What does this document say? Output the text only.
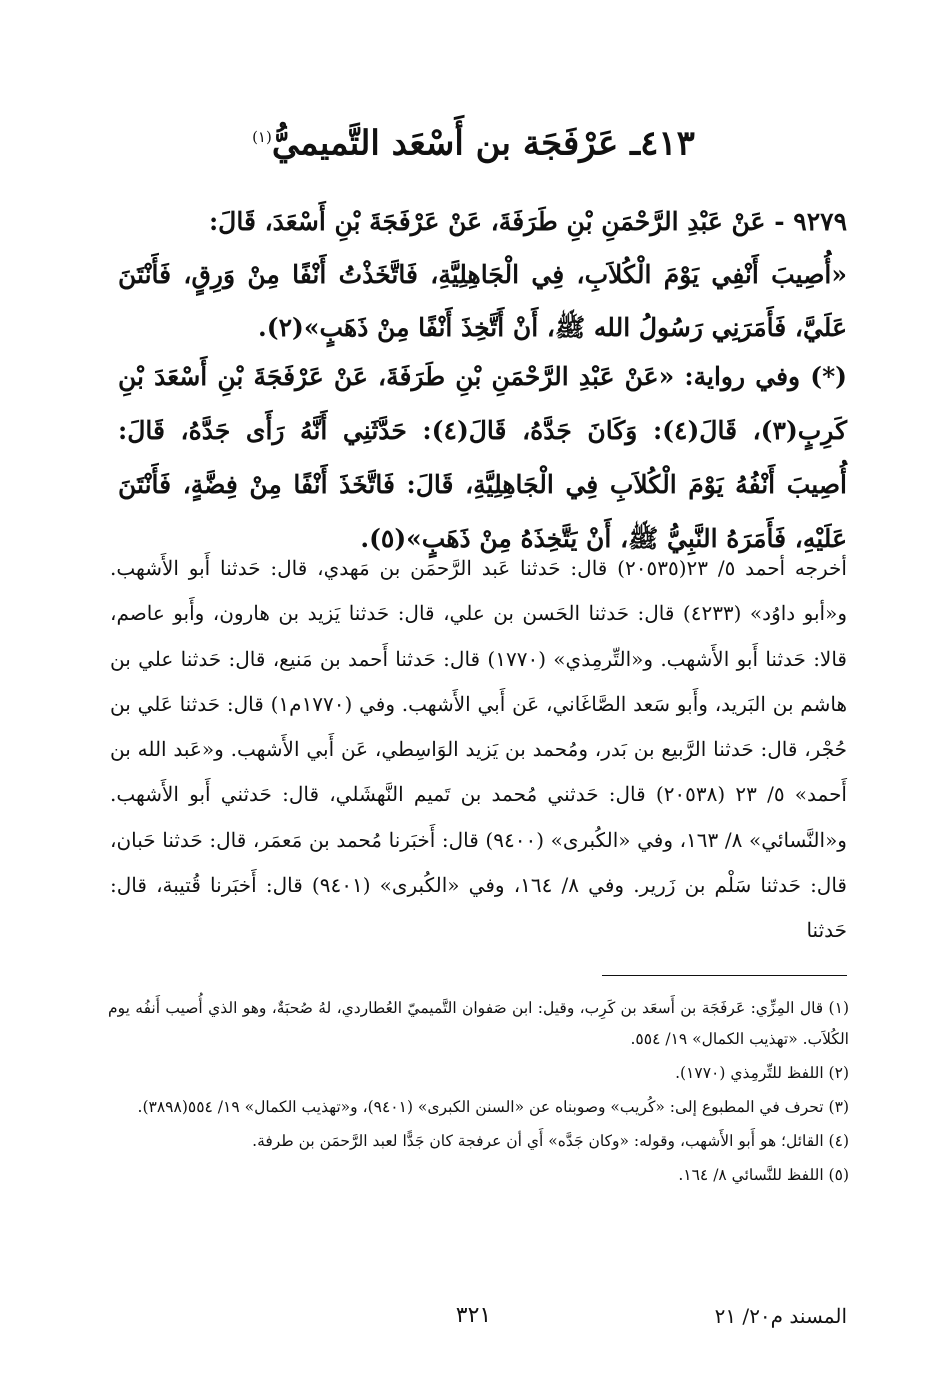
٤١٣ـ عَرْفَجَة بن أَسْعَد التَّميميُّ$^{(١)}$

٩٢٧٩ - عَنْ عَبْدِ الرَّحْمَنِ بْنِ طَرَفَةَ، عَنْ عَرْفَجَةَ بْنِ أَسْعَدَ، قَالَ:

«أُصِيبَ أَنْفِي يَوْمَ الْكُلاَبِ، فِي الْجَاهِلِيَّةِ، فَاتَّخَذْتُ أَنْفًا مِنْ وَرِقٍ، فَأَنْتَنَ عَلَيَّ، فَأَمَرَنِي رَسُولُ الله ﷺ، أَنْ أَتَّخِذَ أَنْفًا مِنْ ذَهَبٍ»(٢).

(*) وفي رواية: «عَنْ عَبْدِ الرَّحْمَنِ بْنِ طَرَفَةَ، عَنْ عَرْفَجَةَ بْنِ أَسْعَدَ بْنِ كَرِبٍ(٣)، قَالَ(٤): وَكَانَ جَدَّهُ، قَالَ(٤): حَدَّثَنِي أَنَّهُ رَأَى جَدَّهُ، قَالَ: أُصِيبَ أَنْفُهُ يَوْمَ الْكُلاَبِ فِي الْجَاهِلِيَّةِ، قَالَ: فَاتَّخَذَ أَنْفًا مِنْ فِضَّةٍ، فَأَنْتَنَ عَلَيْهِ، فَأَمَرَهُ النَّبِيُّ ﷺ، أَنْ يَتَّخِذَهُ مِنْ ذَهَبٍ»(٥).

أخرجه أحمد ٥/ ٢٣(٢٠٥٣٥) قال: حَدثنا عَبد الرَّحمَن بن مَهدي، قال: حَدثنا أَبو الأَشهب. و«أبو داوُد» (٤٢٣٣) قال: حَدثنا الحَسن بن علي، قال: حَدثنا يَزيد بن هارون، وأَبو عاصم، قالا: حَدثنا أَبو الأَشهب. و«التِّرمِذي» (١٧٧٠) قال: حَدثنا أَحمد بن مَنيع، قال: حَدثنا علي بن هاشم بن البَريد، وأَبو سَعد الصَّاغَاني، عَن أَبي الأَشهب. وفي (١٧٧٠م١) قال: حَدثنا عَلي بن حُجْر، قال: حَدثنا الرَّبيع بن بَدر، ومُحمد بن يَزيد الوَاسِطي، عَن أَبي الأَشهب. و«عَبد الله بن أَحمد» ٥/ ٢٣ (٢٠٥٣٨) قال: حَدثني مُحمد بن تَميم النَّهشَلي، قال: حَدثني أَبو الأَشهب. و«النَّسائي» ٨/ ١٦٣، وفي «الكُبرى» (٩٤٠٠) قال: أَخبَرنا مُحمد بن مَعمَر، قال: حَدثنا حَبان، قال: حَدثنا سَلْم بن زَرير. وفي ٨/ ١٦٤، وفي «الكُبرى» (٩٤٠١) قال: أَخبَرنا قُتيبة، قال: حَدثنا

(١) قال المِزِّي: عَرفَجَة بن أَسعَد بن كَرِب، وقيل: ابن صَفوان التَّميميّ العُطاردي، لهُ صُحبَةٌ، وهو الذي أُصيب أَنفُه يوم الكُلاَب. «تهذيب الكمال» ١٩/ ٥٥٤.

(٢) اللفظ للتِّرمِذي (١٧٧٠).

(٣) تحرف في المطبوع إلى: «كُريب» وصوبناه عن «السنن الكبرى» (٩٤٠١)، و«تهذيب الكمال» ١٩/ ٥٥٤(٣٨٩٨).

(٤) القائل؛ هو أَبو الأَشهب، وقوله: «وكان جَدَّه» أَي أن عرفجة كان جَدًّا لعبد الرَّحمَن بن طرفة.

(٥) اللفظ للنَّسائي ٨/ ١٦٤.

المسند م٢٠/ ٢١
٣٢١
